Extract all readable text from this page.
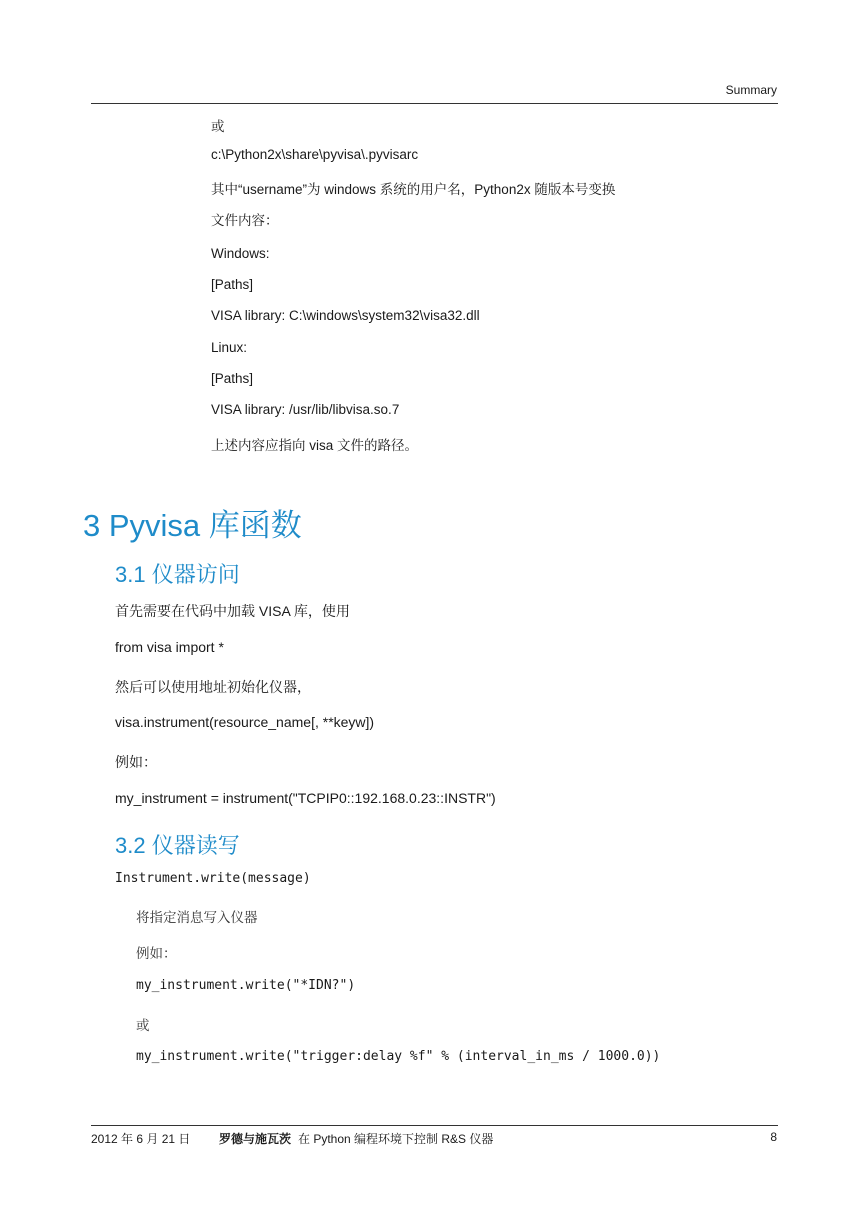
Summary
或
c:\Python2x\share\pyvisa\.pyvisarc
其中“username”为 windows 系统的用户名，Python2x 随版本号变换
文件内容：
Windows:
[Paths]
VISA library: C:\windows\system32\visa32.dll
Linux:
[Paths]
VISA library: /usr/lib/libvisa.so.7
上述内容应指向 visa 文件的路径。
3 Pyvisa 库函数
3.1 仪器访问
首先需要在代码中加载 VISA 库，使用
from visa import *
然后可以使用地址初始化仪器，
visa.instrument(resource_name[, **keyw])
例如：
my_instrument = instrument("TCPIP0::192.168.0.23::INSTR")
3.2 仪器读写
Instrument.write(message)
将指定消息写入仪器
例如：
my_instrument.write("*IDN?")
或
my_instrument.write("trigger:delay %f" % (interval_in_ms / 1000.0))
2012 年 6 月 21 日 罗德与施瓦茨 在 Python 编程环境下控制 R&S 仪器	8
